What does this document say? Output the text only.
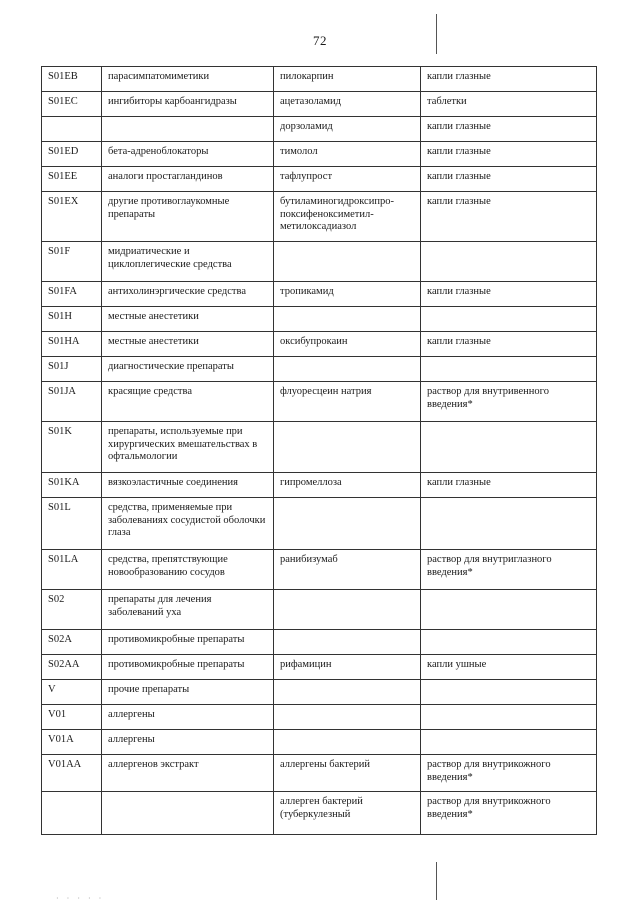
72
S01EB	парасимпатомиметики	пилокарпин	капли глазные
S01EC	ингибиторы карбоангидразы	ацетазоламид	таблетки
		дорзоламид	капли глазные
S01ED	бета-адреноблокаторы	тимолол	капли глазные
S01EE	аналоги простагландинов	тафлупрост	капли глазные
S01EX	другие противоглаукомные препараты	бутиламиногидроксипро-поксифеноксиметил-метилоксадиазол	капли глазные
S01F	мидриатические и циклоплегические средства		
S01FA	антихолинэргические средства	тропикамид	капли глазные
S01H	местные анестетики		
S01HA	местные анестетики	оксибупрокаин	капли глазные
S01J	диагностические препараты		
S01JA	красящие средства	флуоресцеин натрия	раствор для внутривенного введения*
S01K	препараты, используемые при хирургических вмешательствах в офтальмологии		
S01KA	вязкоэластичные соединения	гипромеллоза	капли глазные
S01L	средства, применяемые при заболеваниях сосудистой оболочки глаза		
S01LA	средства, препятствующие новообразованию сосудов	ранибизумаб	раствор для внутриглазного введения*
S02	препараты для лечения заболеваний уха		
S02A	противомикробные препараты		
S02AA	противомикробные препараты	рифамицин	капли ушные
V	прочие препараты		
V01	аллергены		
V01A	аллергены		
V01AA	аллергенов экстракт	аллергены бактерий	раствор для внутрикожного введения*
		аллерген бактерий (туберкулезный	раствор для внутрикожного введения*
· · · · ·
